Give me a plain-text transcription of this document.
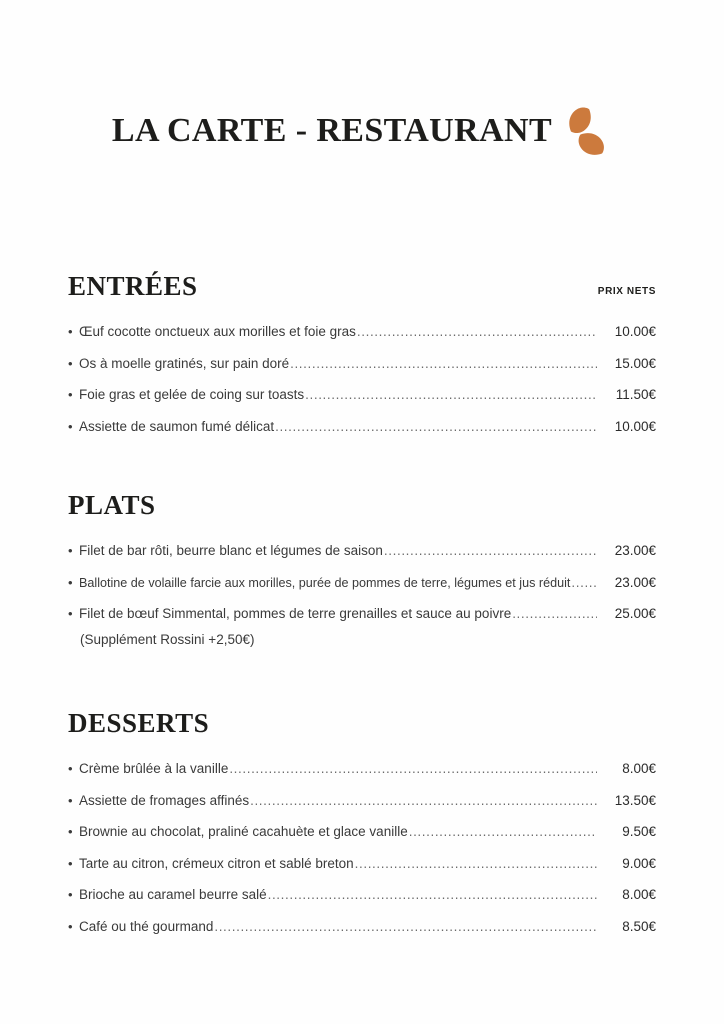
LA CARTE - RESTAURANT
ENTRÉES	PRIX NETS
• Œuf cocotte onctueux aux morilles et foie gras .....	10.00€
• Os à moelle gratinés, sur pain doré .....	15.00€
• Foie gras et gelée de coing sur toasts .....	11.50€
• Assiette de saumon fumé délicat .....	10.00€
PLATS
• Filet de bar rôti, beurre blanc et légumes de saison .....	23.00€
• Ballotine de volaille farcie aux morilles, purée de pommes de terre, légumes et jus réduit .....	23.00€
• Filet de bœuf Simmental, pommes de terre grenailles et sauce au poivre .....	25.00€
(Supplément Rossini +2,50€)
DESSERTS
• Crème brûlée à la vanille .....	8.00€
• Assiette de fromages affinés .....	13.50€
• Brownie au chocolat, praliné cacahuète et glace vanille .....	9.50€
• Tarte au citron, crémeux citron et sablé breton .....	9.00€
• Brioche au caramel beurre salé .....	8.00€
• Café ou thé gourmand .....	8.50€
